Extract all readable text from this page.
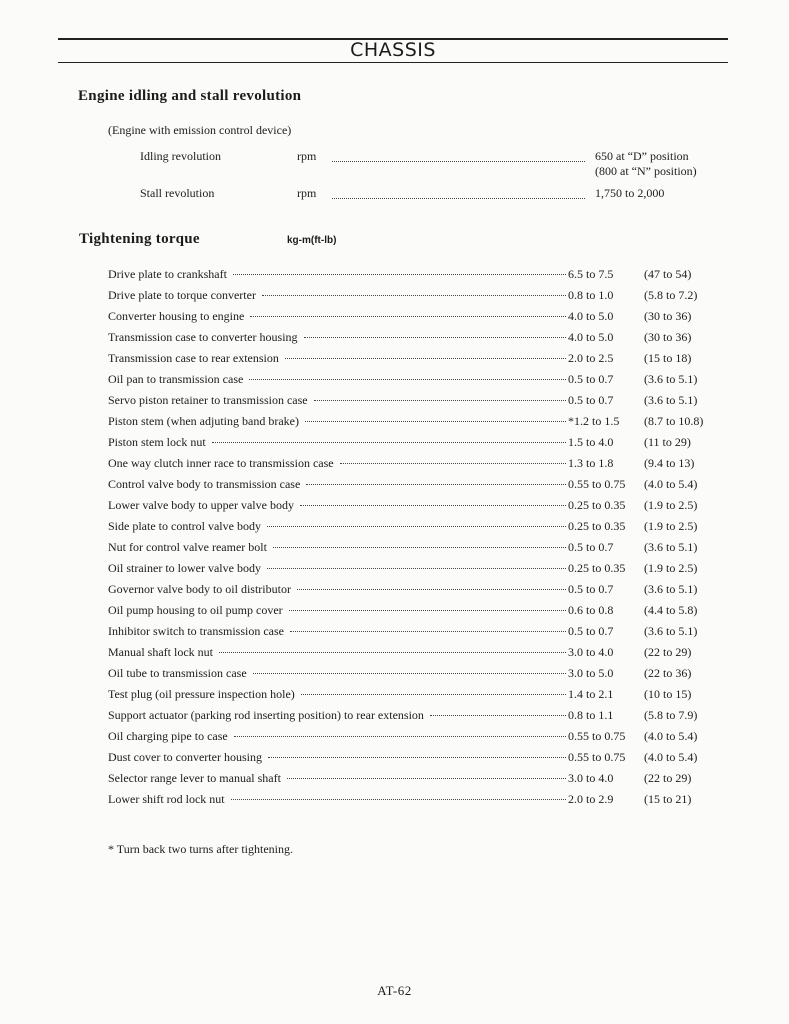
CHASSIS
Engine idling and stall revolution
(Engine with emission control device)
Idling revolution	rpm	650 at “D” position
(800 at “N” position)
Stall revolution	rpm	1,750 to 2,000
Tightening torque	kg-m(ft-lb)
Drive plate to crankshaft	6.5 to 7.5	(47 to 54)
Drive plate to torque converter	0.8 to 1.0	(5.8 to 7.2)
Converter housing to engine	4.0 to 5.0	(30 to 36)
Transmission case to converter housing	4.0 to 5.0	(30 to 36)
Transmission case to rear extension	2.0 to 2.5	(15 to 18)
Oil pan to transmission case	0.5 to 0.7	(3.6 to 5.1)
Servo piston retainer to transmission case	0.5 to 0.7	(3.6 to 5.1)
Piston stem (when adjuting band brake)	*1.2 to 1.5	(8.7 to 10.8)
Piston stem lock nut	1.5 to 4.0	(11 to 29)
One way clutch inner race to transmission case	1.3 to 1.8	(9.4 to 13)
Control valve body to transmission case	0.55 to 0.75	(4.0 to 5.4)
Lower valve body to upper valve body	0.25 to 0.35	(1.9 to 2.5)
Side plate to control valve body	0.25 to 0.35	(1.9 to 2.5)
Nut for control valve reamer bolt	0.5 to 0.7	(3.6 to 5.1)
Oil strainer to lower valve body	0.25 to 0.35	(1.9 to 2.5)
Governor valve body to oil distributor	0.5 to 0.7	(3.6 to 5.1)
Oil pump housing to oil pump cover	0.6 to 0.8	(4.4 to 5.8)
Inhibitor switch to transmission case	0.5 to 0.7	(3.6 to 5.1)
Manual shaft lock nut	3.0 to 4.0	(22 to 29)
Oil tube to transmission case	3.0 to 5.0	(22 to 36)
Test plug (oil pressure inspection hole)	1.4 to 2.1	(10 to 15)
Support actuator (parking rod inserting position) to rear extension	0.8 to 1.1	(5.8 to 7.9)
Oil charging pipe to case	0.55 to 0.75	(4.0 to 5.4)
Dust cover to converter housing	0.55 to 0.75	(4.0 to 5.4)
Selector range lever to manual shaft	3.0 to 4.0	(22 to 29)
Lower shift rod lock nut	2.0 to 2.9	(15 to 21)
* Turn back two turns after tightening.
AT-62
